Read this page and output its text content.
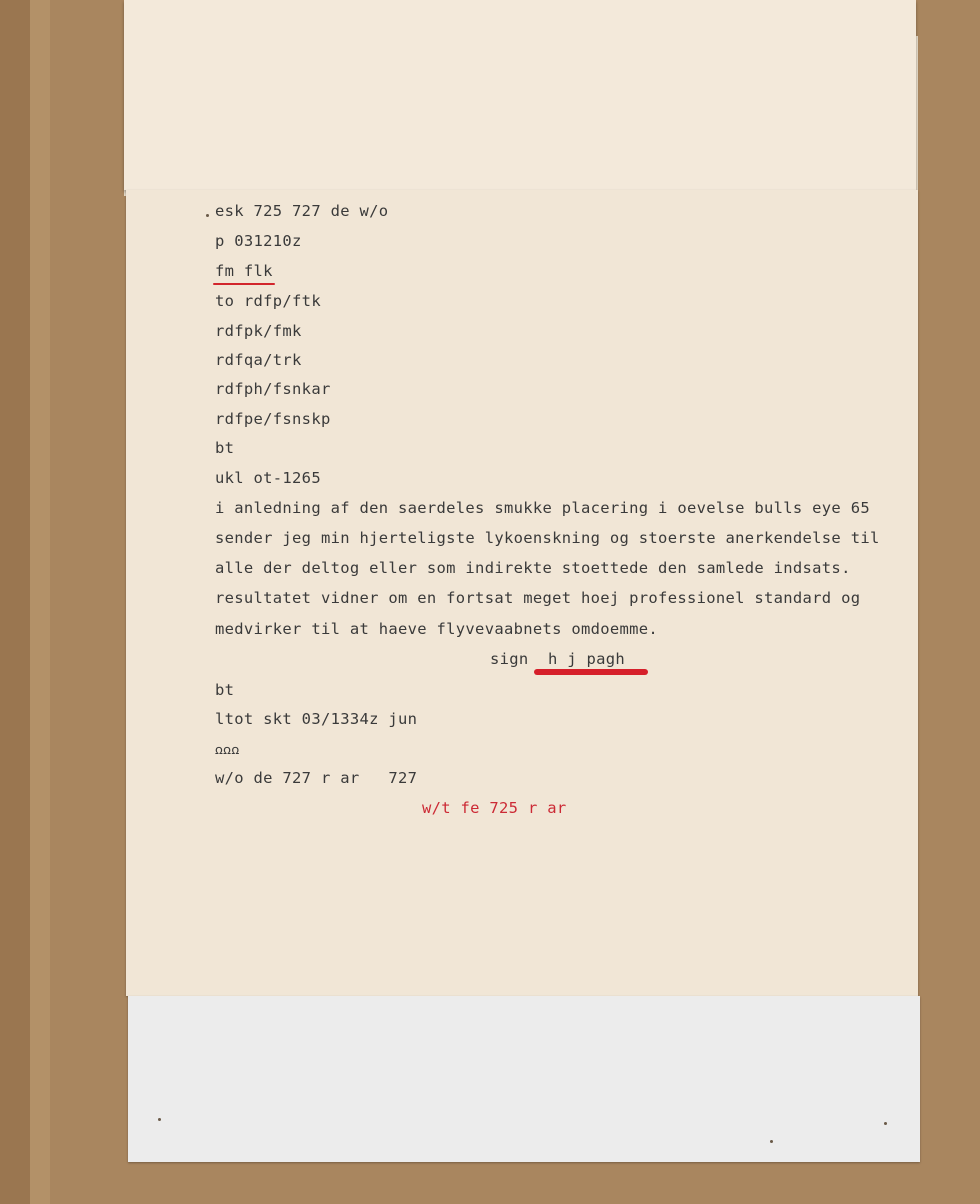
esk 725 727 de w/o
p 031210z
fm flk
to rdfp/ftk
rdfpk/fmk
rdfqa/trk
rdfph/fsnkar
rdfpe/fsnskp
bt
ukl ot-1265
i anledning af den saerdeles smukke placering i oevelse bulls eye 65
sender jeg min hjerteligste lykoenskning og stoerste anerkendelse til
alle der deltog eller som indirekte stoettede den samlede indsats.
resultatet vidner om en fortsat meget hoej professionel standard og
medvirker til at haeve flyvevaabnets omdoemme.
sign h j pagh
bt
ltot skt 03/1334z jun
ꭥꭥꭥ
w/o de 727 r ar   727
w/t fe 725 r ar
